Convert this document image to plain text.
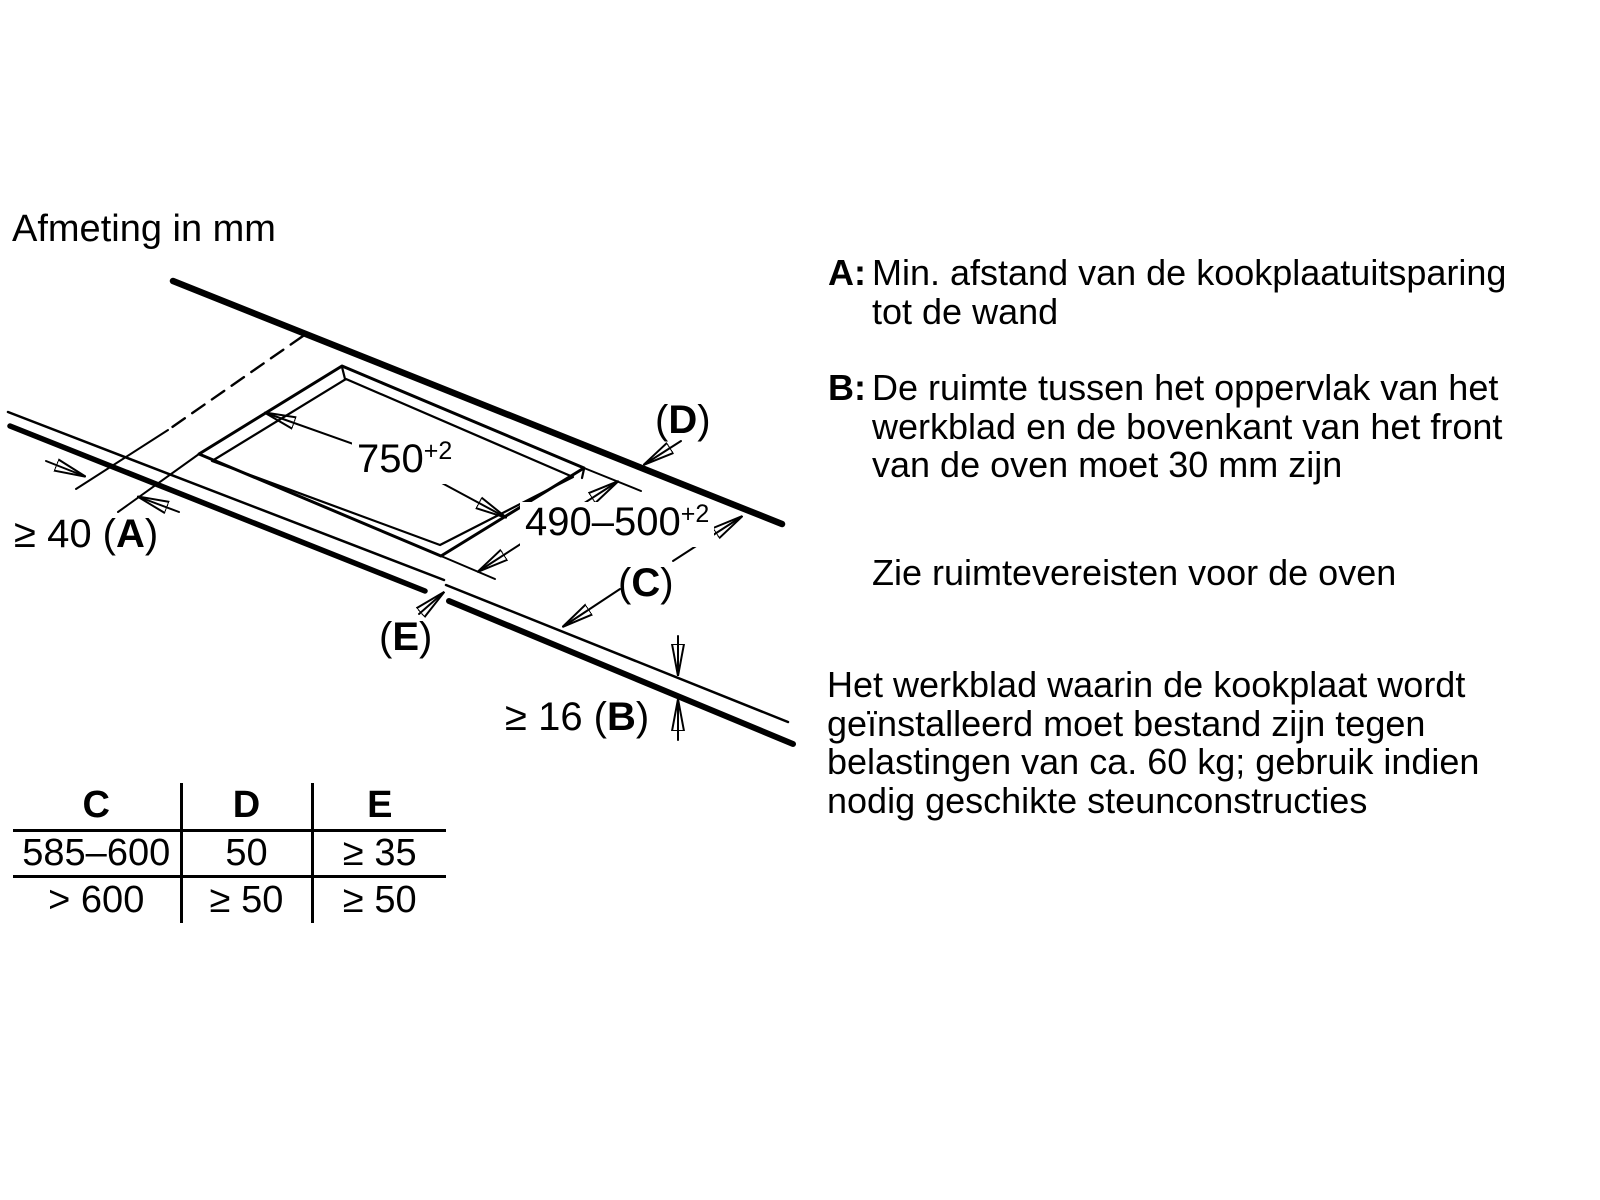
Afmeting in mm
$750^{+2}$
$490-500^{+2}$
≥ 40 (A)
≥ 16 (B)
(D)
(C)
(E)
C	D	E
585–600	50	≥ 35
> 600	≥ 50	≥ 50
A: Min. afstand van de kookplaatuitsparing
tot de wand
B: De ruimte tussen het oppervlak van het
werkblad en de bovenkant van het front
van de oven moet 30 mm zijn
Zie ruimtevereisten voor de oven
Het werkblad waarin de kookplaat wordt
geïnstalleerd moet bestand zijn tegen
belastingen van ca. 60 kg; gebruik indien
nodig geschikte steunconstructies
